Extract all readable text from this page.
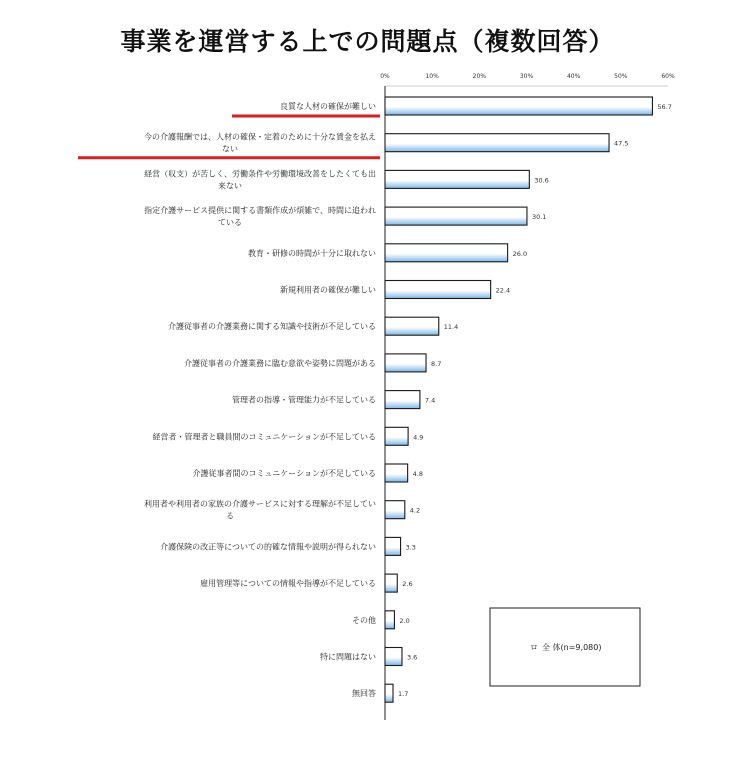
事業を運営する上での問題点（複数回答）
0%	10%	20%	30%	40%	50%	60%
56.7
良質な人材の確保が難しい
47.5
今の介護報酬では、人材の確保・定着のために十分な賃金を払え
ない
30.6
経営（収支）が苦しく、労働条件や労働環境改善をしたくても出
来ない
30.1
指定介護サービス提供に関する書類作成が煩雑で、時間に追われ
ている
26.0
教育・研修の時間が十分に取れない
22.4
新規利用者の確保が難しい
11.4
介護従事者の介護業務に関する知識や技術が不足している
8.7
介護従事者の介護業務に臨む意欲や姿勢に問題がある
7.4
管理者の指導・管理能力が不足している
4.9
経営者・管理者と職員間のコミュニケーションが不足している
4.8
介護従事者間のコミュニケーションが不足している
4.2
利用者や利用者の家族の介護サービスに対する理解が不足してい
る
3.3
介護保険の改正等についての的確な情報や説明が得られない
2.6
雇用管理等についての情報や指導が不足している
2.0
その他
3.6
特に問題はない
1.7
無回答
ロ 全 体(n=9,080)
